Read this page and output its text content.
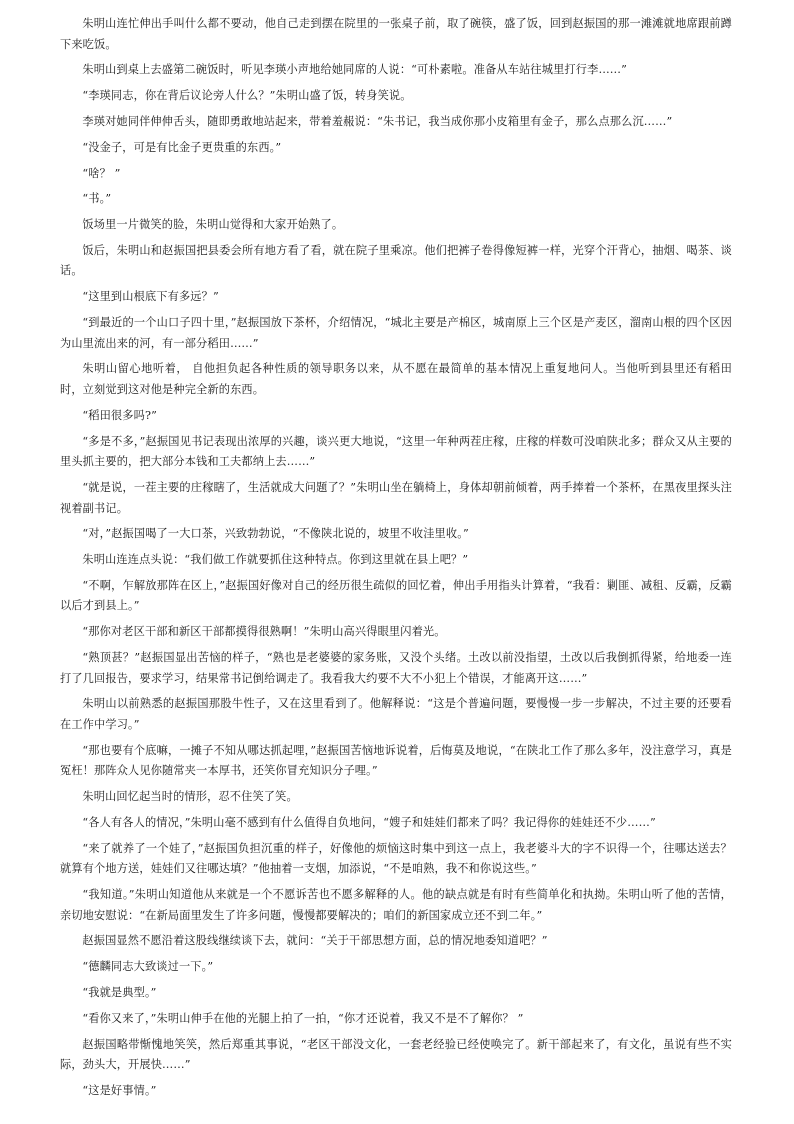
朱明山连忙伸出手叫什么都不要动，他自己走到摆在院里的一张桌子前，取了碗筷，盛了饭，回到赵振国的那一滩滩就地席跟前蹲下来吃饭。

朱明山到桌上去盛第二碗饭时，听见李瑛小声地给她同席的人说：“可朴素啦。准备从车站往城里打行李……”

“李瑛同志，你在背后议论旁人什么？”朱明山盛了饭，转身笑说。

李瑛对她同伴伸伸舌头，随即勇敢地站起来，带着羞赧说：“朱书记，我当成你那小皮箱里有金子，那么点那么沉……”

“没金子，可是有比金子更贵重的东西。”

“啥？ ”

“书。”

饭场里一片微笑的脸，朱明山觉得和大家开始熟了。

饭后，朱明山和赵振国把县委会所有地方看了看，就在院子里乘凉。他们把裤子卷得像短裤一样，光穿个汗背心，抽烟、喝茶、谈话。

“这里到山根底下有多远？”

“到最近的一个山口子四十里，”赵振国放下茶杯，介绍情况，“城北主要是产棉区，城南原上三个区是产麦区，溜南山根的四个区因为山里流出来的河，有一部分稻田……”

朱明山留心地听着， 自他担负起各种性质的领导职务以来，从不愿在最简单的基本情况上重复地问人。当他听到县里还有稻田时，立刻觉到这对他是种完全新的东西。

“稻田很多吗?”

“多是不多，”赵振国见书记表现出浓厚的兴趣，谈兴更大地说，“这里一年种两茬庄稼，庄稼的样数可没咱陕北多；群众又从主要的里头抓主要的，把大部分本钱和工夫都纳上去……”

“就是说，一茬主要的庄稼瞎了，生活就成大问题了？”朱明山坐在躺椅上，身体却朝前倾着，两手捧着一个茶杯，在黑夜里探头注视着副书记。

“对，”赵振国喝了一大口茶，兴致勃勃说，“不像陕北说的，坡里不收洼里收。”

朱明山连连点头说：“我们做工作就要抓住这种特点。你到这里就在县上吧？”

“不啊，乍解放那阵在区上，”赵振国好像对自己的经历很生疏似的回忆着，伸出手用指头计算着，“我看：剿匪、减租、反霸，反霸以后才到县上。”

“那你对老区干部和新区干部都摸得很熟啊！”朱明山高兴得眼里闪着光。

“熟顶甚？”赵振国显出苦恼的样子，“熟也是老婆婆的家务账，又没个头绪。土改以前没指望，土改以后我倒抓得紧，给地委一连打了几回报告，要求学习，结果常书记倒给调走了。我看我大约要不大不小犯上个错误，才能离开这……”

朱明山以前熟悉的赵振国那股牛性子，又在这里看到了。他解释说：“这是个普遍问题，要慢慢一步一步解决，不过主要的还要看在工作中学习。”

“那也要有个底嘛，一摊子不知从哪达抓起哩，”赵振国苦恼地诉说着，后悔莫及地说，“在陕北工作了那么多年，没注意学习，真是冤枉！那阵众人见你随常夹一本厚书，还笑你冒充知识分子哩。”

朱明山回忆起当时的情形，忍不住笑了笑。

“各人有各人的情况，”朱明山毫不感到有什么值得自负地问，“嫂子和娃娃们都来了吗？我记得你的娃娃还不少……”

“来了就养了一个娃了，”赵振国负担沉重的样子，好像他的烦恼这时集中到这一点上，我老婆斗大的字不识得一个，往哪达送去？就算有个地方送，娃娃们又往哪达填？”他抽着一支烟，加添说，“不是咱熟，我不和你说这些。”

“我知道。”朱明山知道他从来就是一个不愿诉苦也不愿多解释的人。他的缺点就是有时有些简单化和执拗。朱明山听了他的苦情，亲切地安慰说：“在新局面里发生了许多问题，慢慢都要解决的；咱们的新国家成立还不到二年。”

赵振国显然不愿沿着这股线继续谈下去，就问：“关于干部思想方面，总的情况地委知道吧？”

“德麟同志大致谈过一下。”

“我就是典型。”

“看你又来了，”朱明山伸手在他的光腿上拍了一拍，“你才还说着，我又不是不了解你？ ”

赵振国略带惭愧地笑笑，然后郑重其事说，“老区干部没文化，一套老经验已经使唤完了。新干部起来了，有文化，虽说有些不实际，劲头大，开展快……”

“这是好事情。”
